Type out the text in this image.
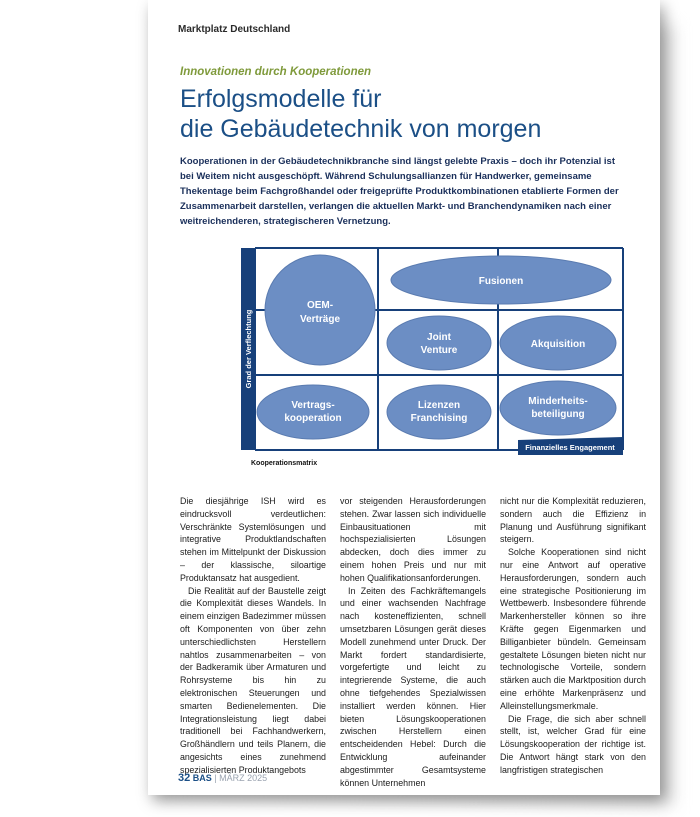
Marktplatz Deutschland
Innovationen durch Kooperationen
Erfolgsmodelle für
die Gebäudetechnik von morgen
Kooperationen in der Gebäudetechnikbranche sind längst gelebte Praxis – doch ihr Potenzial ist bei Weitem nicht ausgeschöpft. Während Schulungsallianzen für Handwerker, gemeinsame Thekentage beim Fachgroßhandel oder freigeprüfte Produktkombinationen etablierte Formen der Zusammenarbeit darstellen, verlangen die aktuellen Markt- und Branchendynamiken nach einer weitreichenderen, strategischeren Vernetzung.
OEM-
Verträge
Fusionen
Joint
Venture
Akquisition
Vertrags-
kooperation
Lizenzen
Franchising
Minderheits-
beteiligung
Grad der Verflechtung
Finanzielles Engagement
Kooperationsmatrix

Die diesjährige ISH wird es eindrucksvoll verdeutlichen: Verschränkte Systemlösungen und integrative Produktlandschaften stehen im Mittelpunkt der Diskussion – der klassische, siloartige Produktansatz hat ausgedient.

Die Realität auf der Baustelle zeigt die Komplexität dieses Wandels. In einem einzigen Badezimmer müssen oft Komponenten von über zehn unterschiedlichsten Herstellern nahtlos zusammenarbeiten – von der Badkeramik über Armaturen und Rohrsysteme bis hin zu elektronischen Steuerungen und smarten Bedienelementen. Die Integrationsleistung liegt dabei traditionell bei Fachhandwerkern, Großhändlern und teils Planern, die angesichts eines zunehmend spezialisierten Produktangebots

vor steigenden Herausforderungen stehen. Zwar lassen sich individuelle Einbausituationen mit hochspezialisierten Lösungen abdecken, doch dies immer zu einem hohen Preis und nur mit hohen Qualifikationsanforderungen.

In Zeiten des Fachkräftemangels und einer wachsenden Nachfrage nach kosteneffizienten, schnell umsetzbaren Lösungen gerät dieses Modell zunehmend unter Druck. Der Markt fordert standardisierte, vorgefertigte und leicht zu integrierende Systeme, die auch ohne tiefgehendes Spezialwissen installiert werden können. Hier bieten Lösungskooperationen zwischen Herstellern einen entscheidenden Hebel: Durch die Entwicklung aufeinander abgestimmter Gesamtsysteme können Unternehmen

nicht nur die Komplexität reduzieren, sondern auch die Effizienz in Planung und Ausführung signifikant steigern.

Solche Kooperationen sind nicht nur eine Antwort auf operative Herausforderungen, sondern auch eine strategische Positionierung im Wettbewerb. Insbesondere führende Markenhersteller können so ihre Kräfte gegen Eigenmarken und Billiganbieter bündeln. Gemeinsam gestaltete Lösungen bieten nicht nur technologische Vorteile, sondern stärken auch die Marktposition durch eine erhöhte Markenpräsenz und Alleinstellungsmerkmale.

Die Frage, die sich aber schnell stellt, ist, welcher Grad für eine Lösungskooperation der richtige ist. Die Antwort hängt stark von den langfristigen strategischen

32 BAS | MÄRZ 2025
